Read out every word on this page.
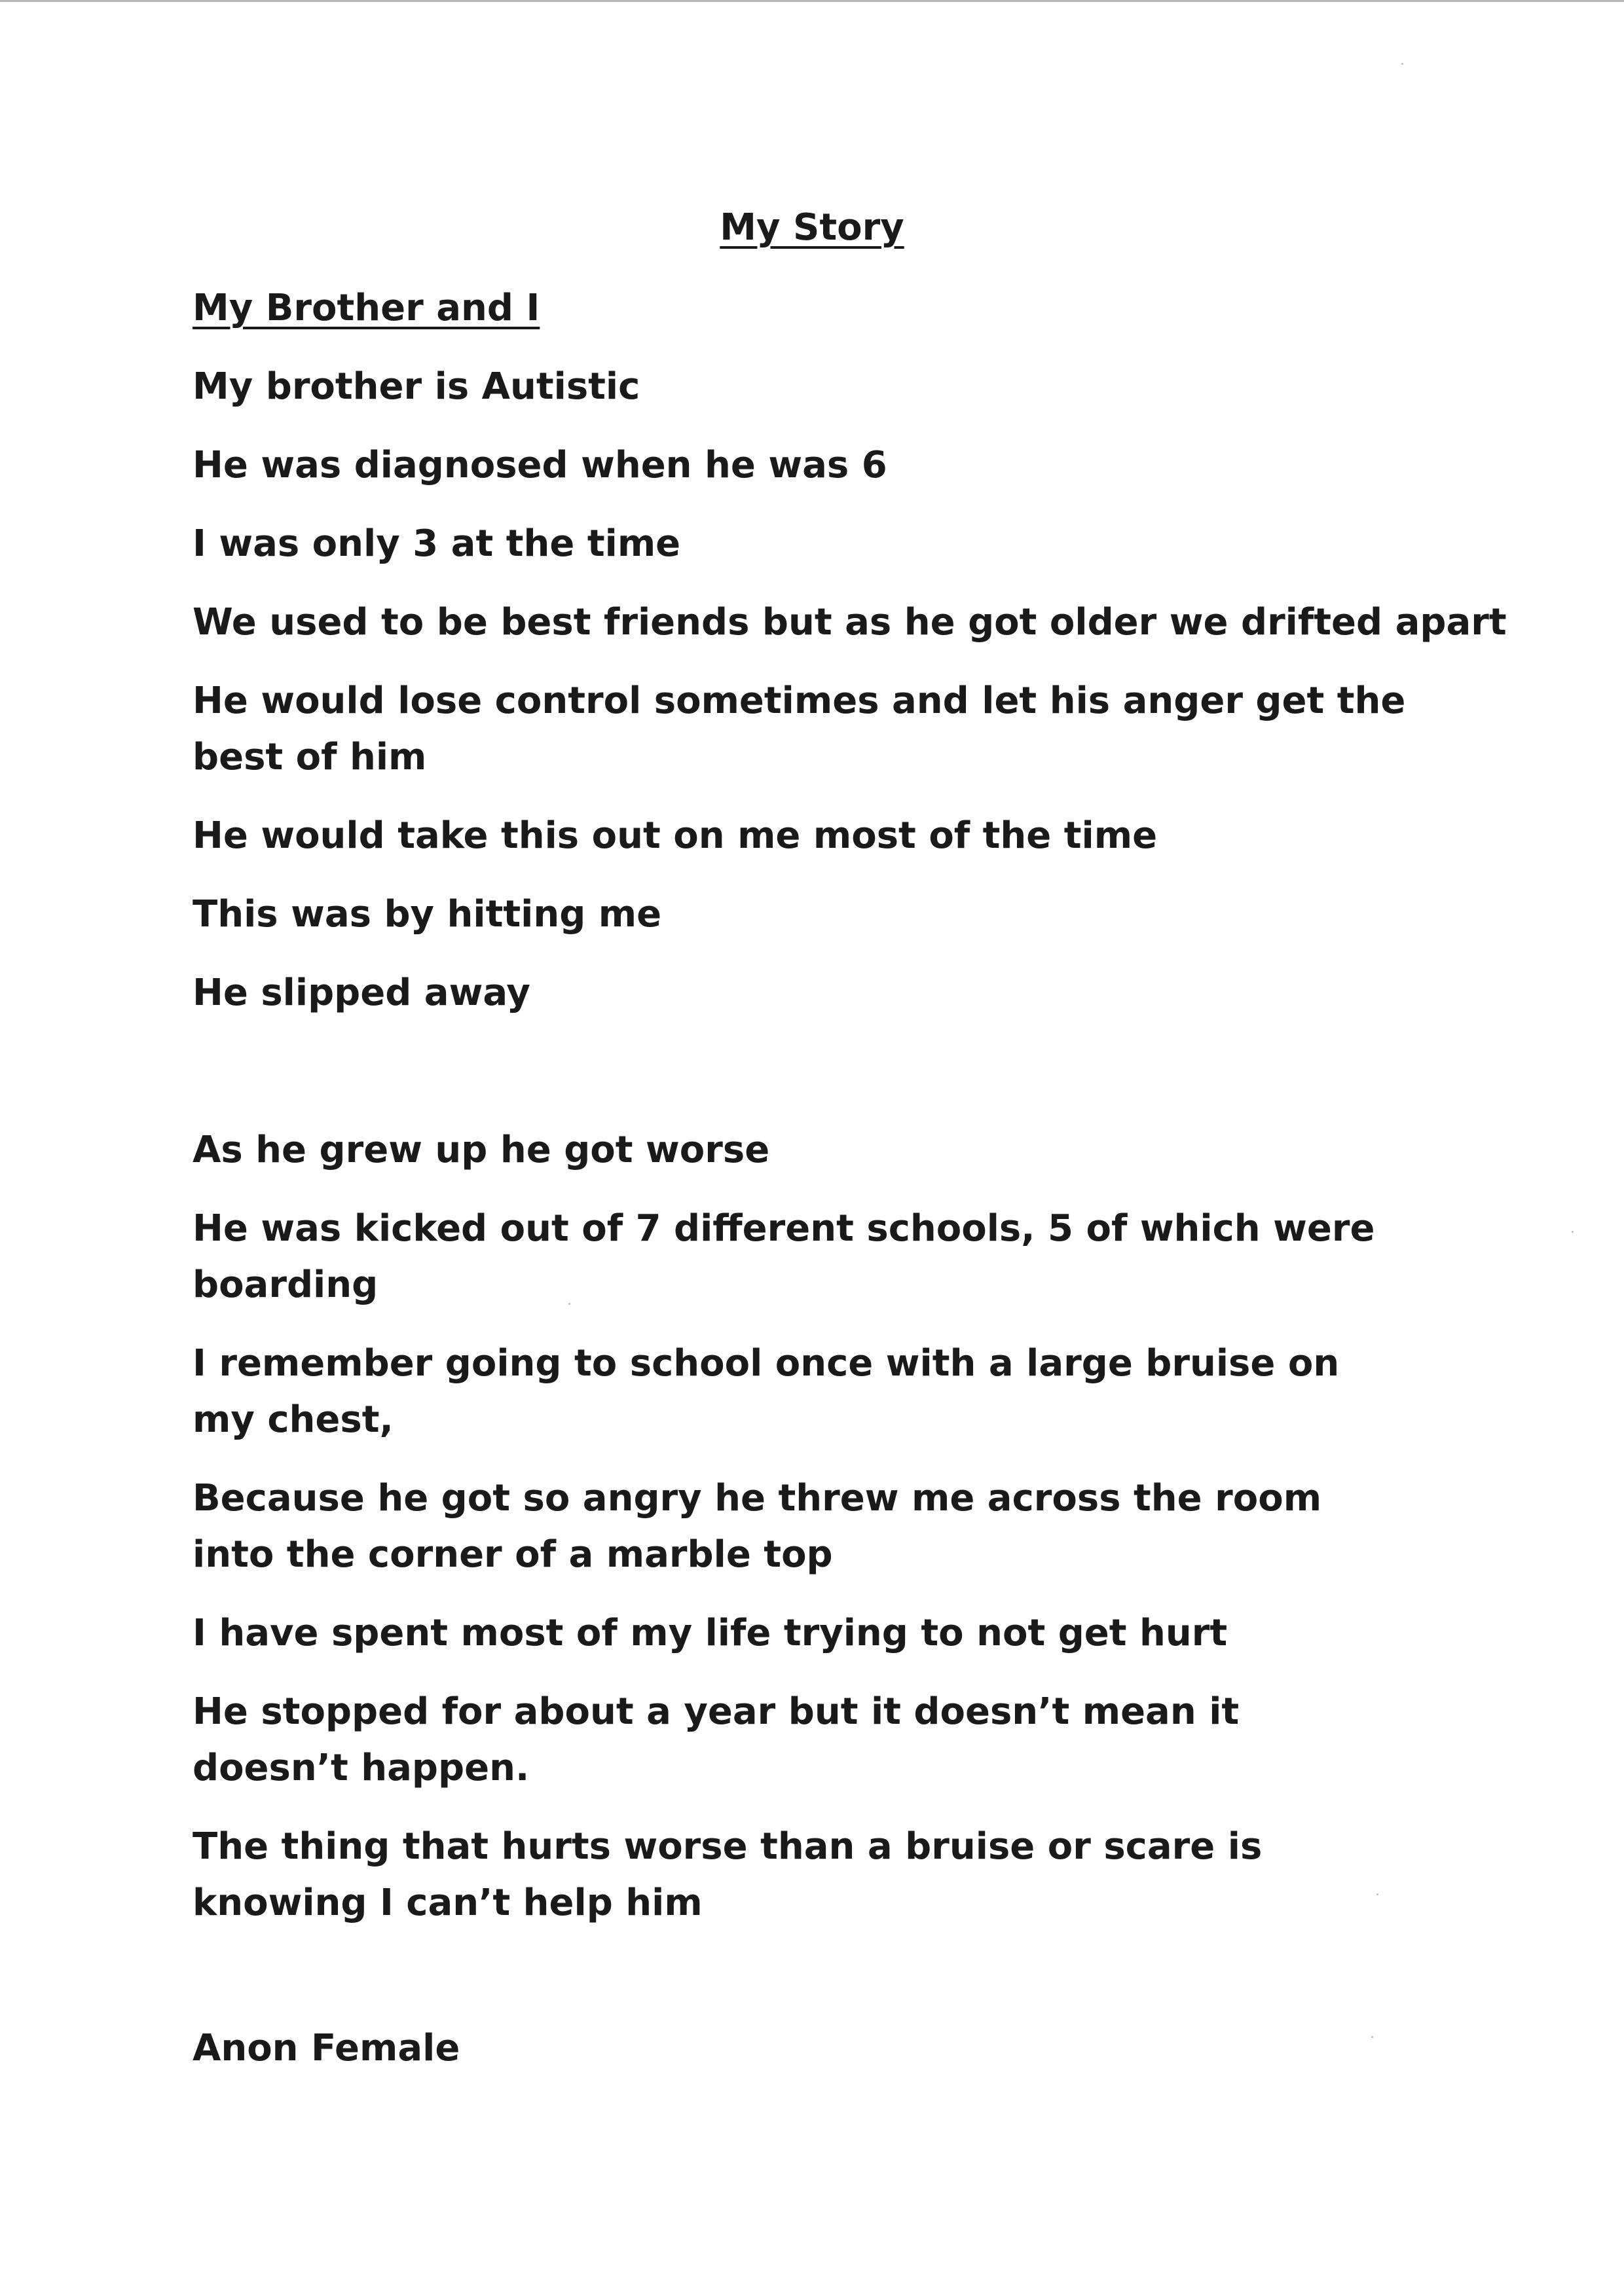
My Story
My Brother and I

My brother is Autistic

He was diagnosed when he was 6

I was only 3 at the time

We used to be best friends but as he got older we drifted apart

He would lose control sometimes and let his anger get the best of him

He would take this out on me most of the time

This was by hitting me

He slipped away

As he grew up he got worse

He was kicked out of 7 different schools, 5 of which were boarding

I remember going to school once with a large bruise on my chest,

Because he got so angry he threw me across the room into the corner of a marble top

I have spent most of my life trying to not get hurt

He stopped for about a year but it doesn’t mean it doesn’t happen.

The thing that hurts worse than a bruise or scare is knowing I can’t help him

Anon Female
